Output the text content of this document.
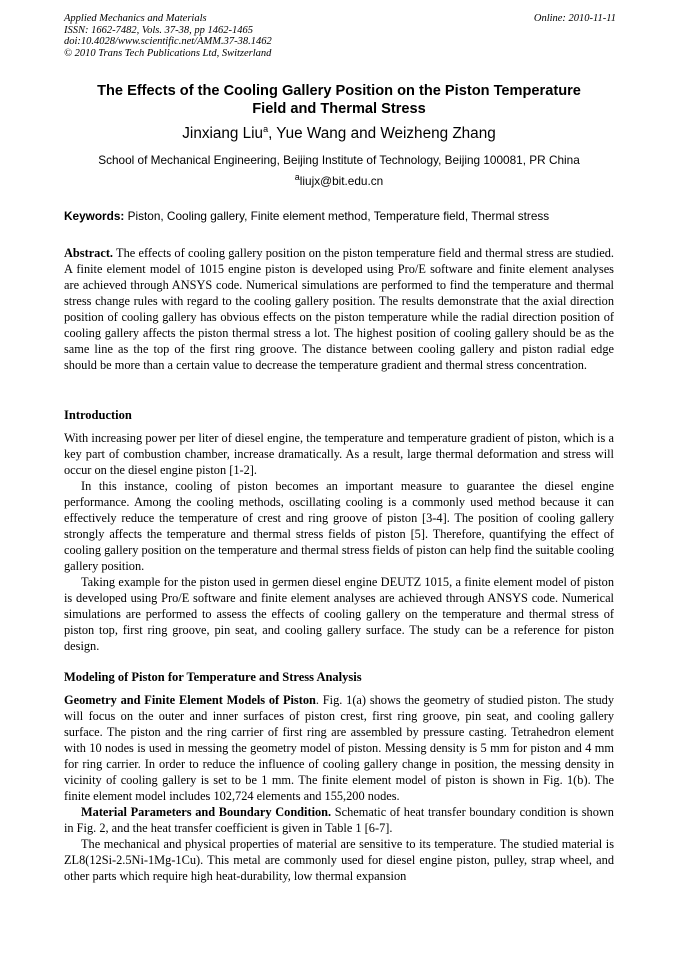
Applied Mechanics and Materials
ISSN: 1662-7482, Vols. 37-38, pp 1462-1465
doi:10.4028/www.scientific.net/AMM.37-38.1462
© 2010 Trans Tech Publications Ltd, Switzerland
Online: 2010-11-11
The Effects of the Cooling Gallery Position on the Piston Temperature
Field and Thermal Stress
Jinxiang Liu$^a$, Yue Wang and Weizheng Zhang
School of Mechanical Engineering, Beijing Institute of Technology, Beijing 100081, PR China
$^a$liujx@bit.edu.cn
Keywords: Piston, Cooling gallery, Finite element method, Temperature field, Thermal stress

Abstract. The effects of cooling gallery position on the piston temperature field and thermal stress are studied. A finite element model of 1015 engine piston is developed using Pro/E software and finite element analyses are achieved through ANSYS code. Numerical simulations are performed to find the temperature and thermal stress change rules with regard to the cooling gallery position. The results demonstrate that the axial direction position of cooling gallery has obvious effects on the piston temperature while the radial direction position of cooling gallery affects the piston thermal stress a lot. The highest position of cooling gallery should be as the same line as the top of the first ring groove. The distance between cooling gallery and piston radial edge should be more than a certain value to decrease the temperature gradient and thermal stress concentration.

Introduction

With increasing power per liter of diesel engine, the temperature and temperature gradient of piston, which is a key part of combustion chamber, increase dramatically. As a result, large thermal deformation and stress will occur on the diesel engine piston [1-2].

In this instance, cooling of piston becomes an important measure to guarantee the diesel engine performance. Among the cooling methods, oscillating cooling is a commonly used method because it can effectively reduce the temperature of crest and ring groove of piston [3-4]. The position of cooling gallery strongly affects the temperature and thermal stress fields of piston [5]. Therefore, quantifying the effect of cooling gallery position on the temperature and thermal stress fields of piston can help find the suitable cooling gallery position.

Taking example for the piston used in germen diesel engine DEUTZ 1015, a finite element model of piston is developed using Pro/E software and finite element analyses are achieved through ANSYS code. Numerical simulations are performed to assess the effects of cooling gallery on the temperature and thermal stress of piston top, first ring groove, pin seat, and cooling gallery surface. The study can be a reference for piston design.

Modeling of Piston for Temperature and Stress Analysis

Geometry and Finite Element Models of Piston. Fig. 1(a) shows the geometry of studied piston. The study will focus on the outer and inner surfaces of piston crest, first ring groove, pin seat, and cooling gallery surface. The piston and the ring carrier of first ring are assembled by pressure casting. Tetrahedron element with 10 nodes is used in messing the geometry model of piston. Messing density is 5 mm for piston and 4 mm for ring carrier. In order to reduce the influence of cooling gallery change in position, the messing density in vicinity of cooling gallery is set to be 1 mm. The finite element model of piston is shown in Fig. 1(b). The finite element model includes 102,724 elements and 155,200 nodes.

Material Parameters and Boundary Condition. Schematic of heat transfer boundary condition is shown in Fig. 2, and the heat transfer coefficient is given in Table 1 [6-7].

The mechanical and physical properties of material are sensitive to its temperature. The studied material is ZL8(12Si-2.5Ni-1Mg-1Cu). This metal are commonly used for diesel engine piston, pulley, strap wheel, and other parts which require high heat-durability, low thermal expansion
